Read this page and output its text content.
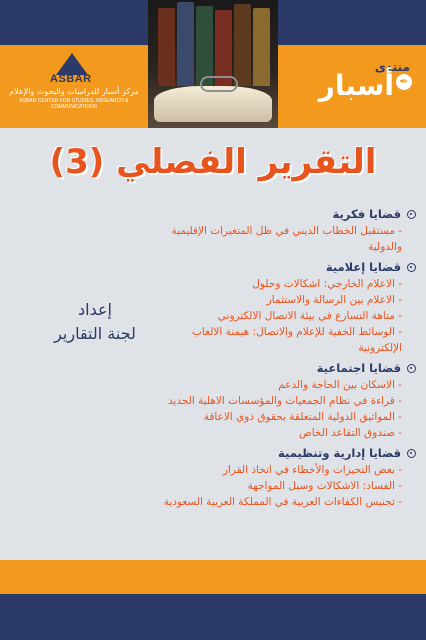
ASBAR
مركز أسبار للدراسات والبحوث والإعلام
ASBAR CENTER FOR STUDIES, RESEARCH & COMMUNICATIONS
منتدى
أسبار ✒
التقرير الفصلي (3)
قضايا فكرية
- مستقبل الخطاب الديني في ظل المتغيرات الإقليمية والدولية
قضايا إعلامية
- الاعلام الخارجي: اشكالات وحلول
- الاعلام بين الرسالة والاستثمار
- متاهة التسارع في بيئة الاتصال الالكتروني
- الوسائط الخفية للإعلام والاتصال: هيمنة الالعاب الإلكترونية
قضايا اجتماعية
- الاسكان بين الحاجة والدعم
- قراءة في نظام الجمعيات والمؤسسات الاهلية الجديد
- المواثيق الدولية المتعلقة بحقوق ذوي الاعاقة
- صندوق التقاعد الخاص
قضايا إدارية وتنظيمية
- بعض التحيزات والأخطاء في اتخاذ القرار
- الفساد: الاشكالات وسبل المواجهة
- تجنيس الكفاءات العربية في المملكة العربية السعودية
إعداد
لجنة التقارير
